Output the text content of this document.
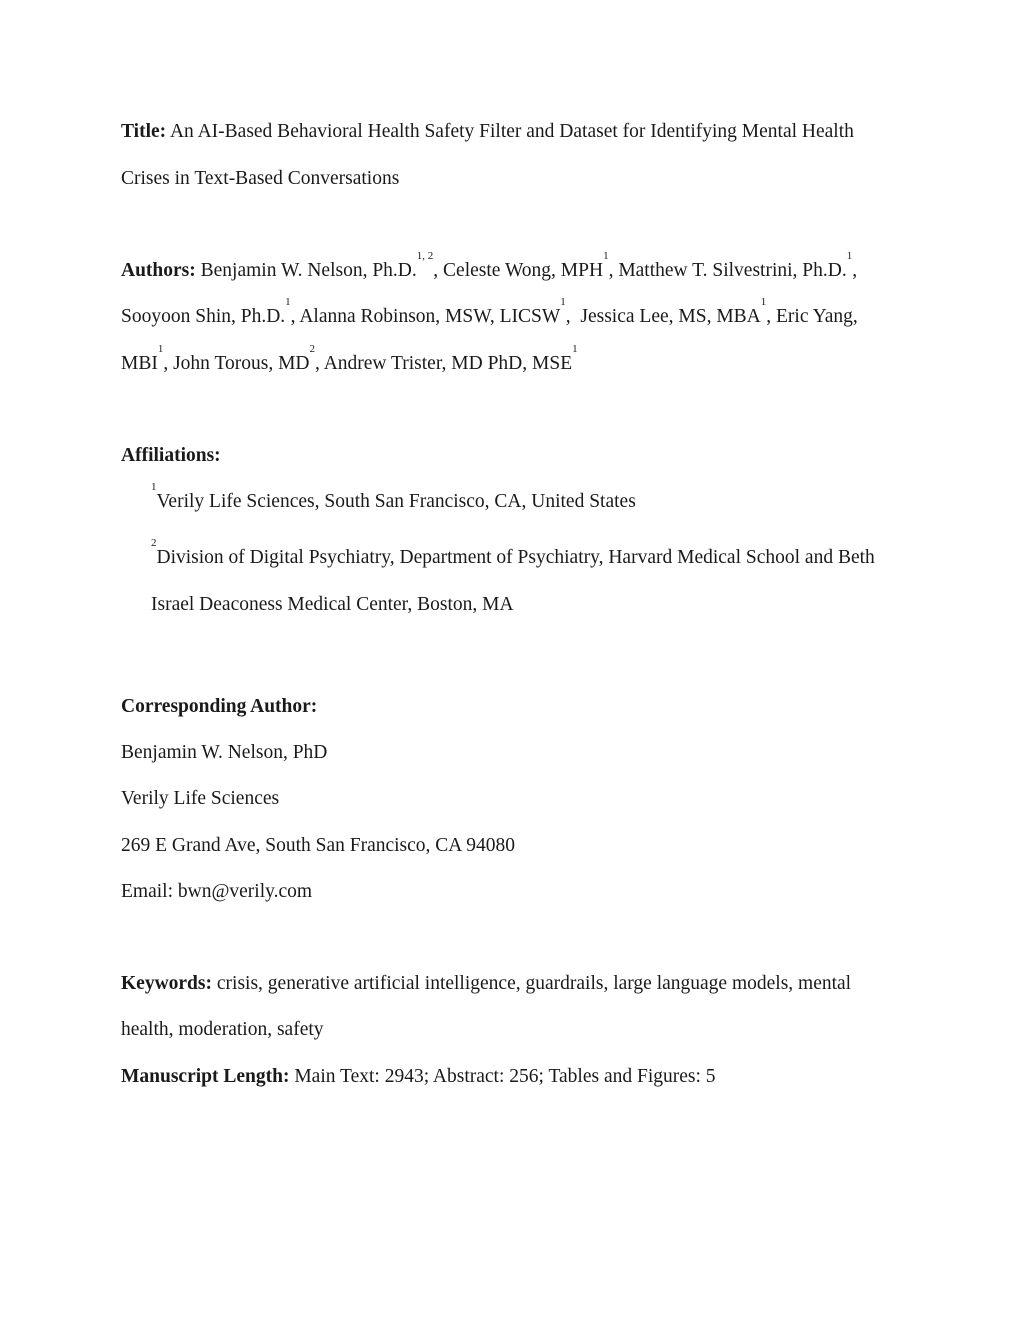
Title: An AI-Based Behavioral Health Safety Filter and Dataset for Identifying Mental Health
Crises in Text-Based Conversations
Authors: Benjamin W. Nelson, Ph.D.$^{1, 2}$, Celeste Wong, MPH$^1$, Matthew T. Silvestrini, Ph.D.$^1$,
Sooyoon Shin, Ph.D.$^1$, Alanna Robinson, MSW, LICSW$^1$,  Jessica Lee, MS, MBA$^1$, Eric Yang,
MBI$^1$, John Torous, $MD^2$, Andrew Trister, MD PhD, MSE$^1$
Affiliations:
$^1$Verily Life Sciences, South San Francisco, CA, United States
$^2$Division of Digital Psychiatry, Department of Psychiatry, Harvard Medical School and Beth
Israel Deaconess Medical Center, Boston, MA
Corresponding Author:
Benjamin W. Nelson, PhD
Verily Life Sciences
269 E Grand Ave, South San Francisco, CA 94080
Email: bwn@verily.com
Keywords: crisis, generative artificial intelligence, guardrails, large language models, mental
health, moderation, safety
Manuscript Length: Main Text: 2943; Abstract: 256; Tables and Figures: 5
